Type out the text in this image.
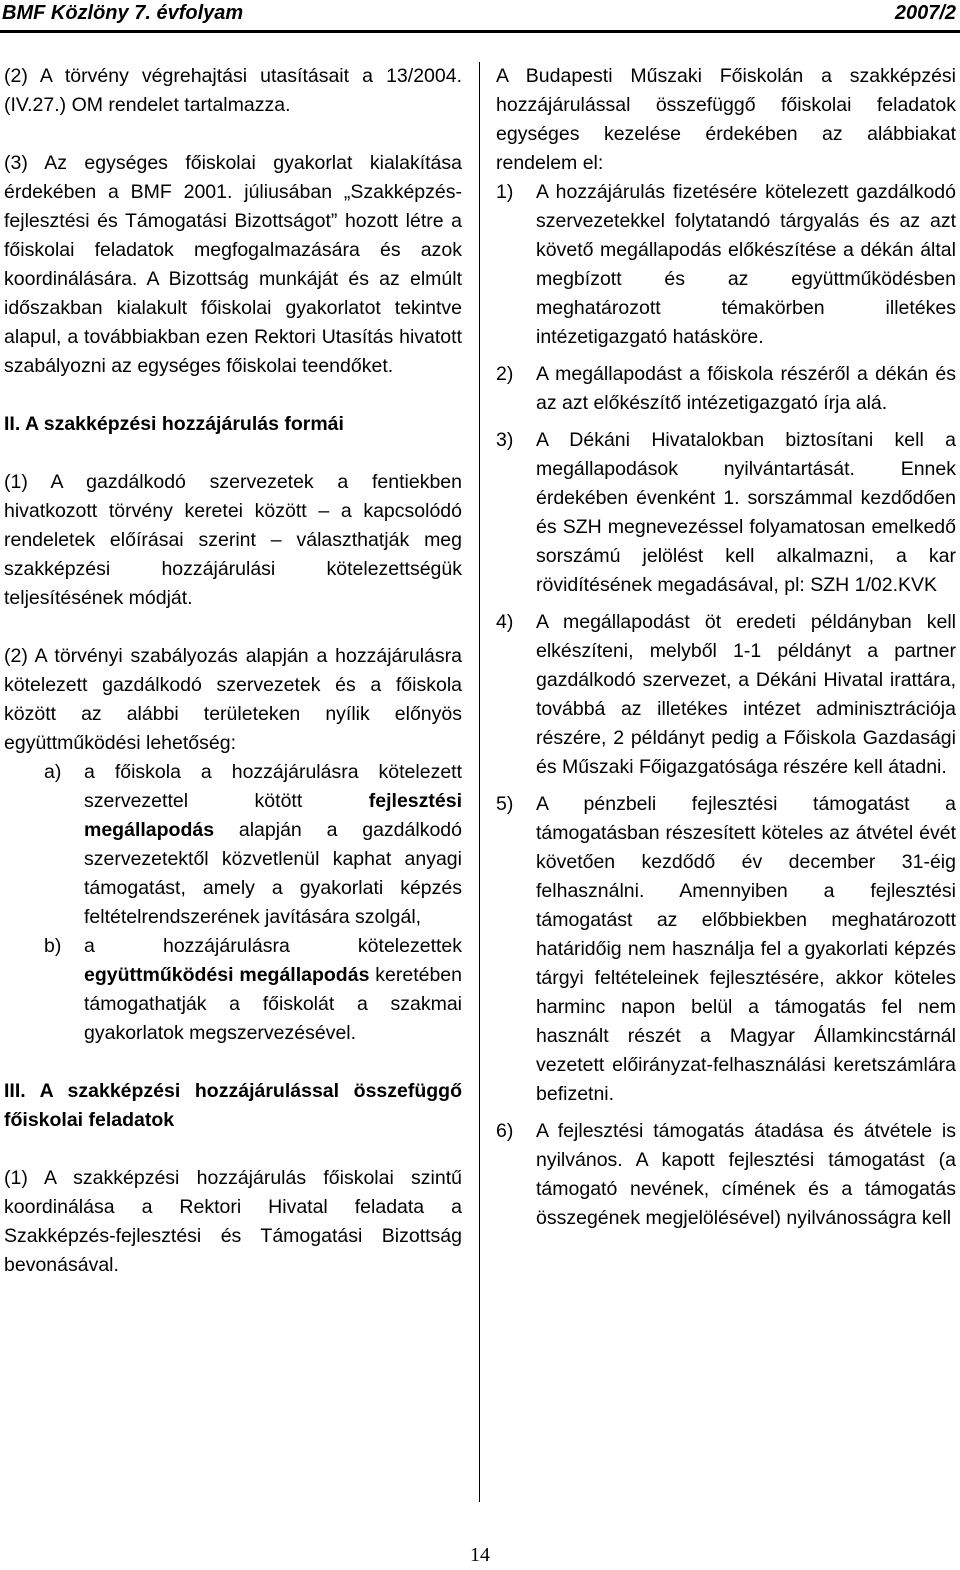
BMF Közlöny 7. évfolyam	2007/2

(2) A törvény végrehajtási utasításait a 13/2004. (IV.27.) OM rendelet tartalmazza.

(3) Az egységes főiskolai gyakorlat kialakítása érdekében a BMF 2001. júliusában „Szakképzés-fejlesztési és Támogatási Bizottságot” hozott létre a főiskolai feladatok megfogalmazására és azok koordinálására. A Bizottság munkáját és az elmúlt időszakban kialakult főiskolai gyakorlatot tekintve alapul, a továbbiakban ezen Rektori Utasítás hivatott szabályozni az egységes főiskolai teendőket.

II. A szakképzési hozzájárulás formái

(1) A gazdálkodó szervezetek a fentiekben hivatkozott törvény keretei között – a kapcsolódó rendeletek előírásai szerint – választhatják meg szakképzési hozzájárulási kötelezettségük teljesítésének módját.

(2) A törvényi szabályozás alapján a hozzájárulásra kötelezett gazdálkodó szervezetek és a főiskola között az alábbi területeken nyílik előnyös együttműködési lehetőség:

a)	a főiskola a hozzájárulásra kötelezett szervezettel kötött fejlesztési megállapodás alapján a gazdálkodó szervezetektől közvetlenül kaphat anyagi támogatást, amely a gyakorlati képzés feltételrendszerének javítására szolgál,
b)	a hozzájárulásra kötelezettek együttműködési megállapodás keretében támogathatják a főiskolát a szakmai gyakorlatok megszervezésével.

III. A szakképzési hozzájárulással összefüggő főiskolai feladatok

(1) A szakképzési hozzájárulás főiskolai szintű koordinálása a Rektori Hivatal feladata a Szakképzés-fejlesztési és Támogatási Bizottság bevonásával.

A Budapesti Műszaki Főiskolán a szakképzési hozzájárulással összefüggő főiskolai feladatok egységes kezelése érdekében az alábbiakat rendelem el:

1)	A hozzájárulás fizetésére kötelezett gazdálkodó szervezetekkel folytatandó tárgyalás és az azt követő megállapodás előkészítése a dékán által megbízott és az együttműködésben meghatározott témakörben illetékes intézetigazgató hatásköre.
2)	A megállapodást a főiskola részéről a dékán és az azt előkészítő intézetigazgató írja alá.
3)	A Dékáni Hivatalokban biztosítani kell a megállapodások nyilvántartását. Ennek érdekében évenként 1. sorszámmal kezdődően és SZH megnevezéssel folyamatosan emelkedő sorszámú jelölést kell alkalmazni, a kar rövidítésének megadásával, pl: SZH 1/02.KVK
4)	A megállapodást öt eredeti példányban kell elkészíteni, melyből 1-1 példányt a partner gazdálkodó szervezet, a Dékáni Hivatal irattára, továbbá az illetékes intézet adminisztrációja részére, 2 példányt pedig a Főiskola Gazdasági és Műszaki Főigazgatósága részére kell átadni.
5)	A pénzbeli fejlesztési támogatást a támogatásban részesített köteles az átvétel évét követően kezdődő év december 31-éig felhasználni. Amennyiben a fejlesztési támogatást az előbbiekben meghatározott határidőig nem használja fel a gyakorlati képzés tárgyi feltételeinek fejlesztésére, akkor köteles harminc napon belül a támogatás fel nem használt részét a Magyar Államkincstárnál vezetett előirányzat-felhasználási keretszámlára befizetni.
6)	A fejlesztési támogatás átadása és átvétele is nyilvános. A kapott fejlesztési támogatást (a támogató nevének, címének és a támogatás összegének megjelölésével) nyilvánosságra kell
14
